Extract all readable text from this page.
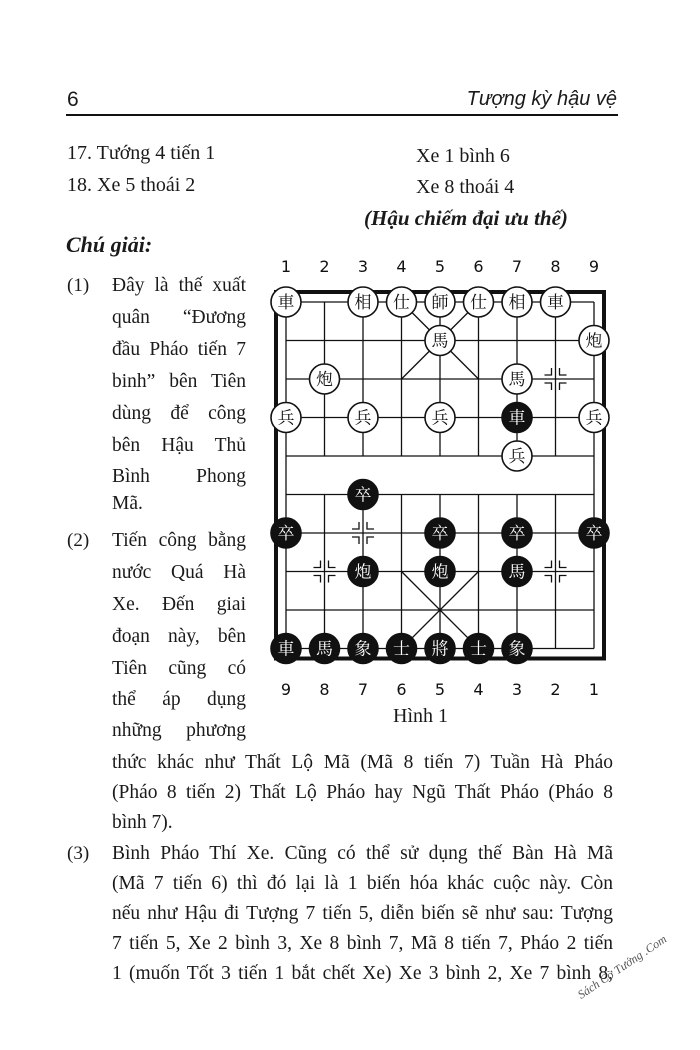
6	Tượng kỳ hậu vệ
17. Tướng 4 tiến 1	Xe 1 bình 6
18. Xe 5 thoái 2	Xe 8 thoái 4
(Hậu chiếm đại ưu thế)
Chú giải:
(1) Đây là thế xuất
quân “Đương
đầu Pháo tiến 7
binh” bên Tiên
dùng để công
bên Hậu Thủ
Bình Phong
Mã.
(2) Tiến công bằng
nước Quá Hà
Xe. Đến giai
đoạn này, bên
Tiên cũng có
thể áp dụng
những phương
thức khác như Thất Lộ Mã (Mã 8 tiến 7) Tuần Hà Pháo
(Pháo 8 tiến 2) Thất Lộ Pháo hay Ngũ Thất Pháo (Pháo 8
bình 7).
(3) Bình Pháo Thí Xe. Cũng có thể sử dụng thế Bàn Hà Mã
(Mã 7 tiến 6) thì đó lại là 1 biến hóa khác cuộc này. Còn
nếu như Hậu đi Tượng 7 tiến 5, diễn biến sẽ như sau: Tượng
7 tiến 5, Xe 2 bình 3, Xe 8 bình 7, Mã 8 tiến 7, Pháo 2 tiến
1 (muốn Tốt 3 tiến 1 bắt chết Xe) Xe 3 bình 2, Xe 7 bình 8,
1 2 3 4 5 6 7 8 9
9 8 7 6 5 4 3 2 1
車	相 仕 師 仕 相 車
馬	炮
炮	馬
兵	兵	兵	兵
兵
車
卒
卒	卒	卒	卒
炮	炮	馬
車 馬 象 士 將 士 象
Hình 1
Sách Cờ Tướng .Com
